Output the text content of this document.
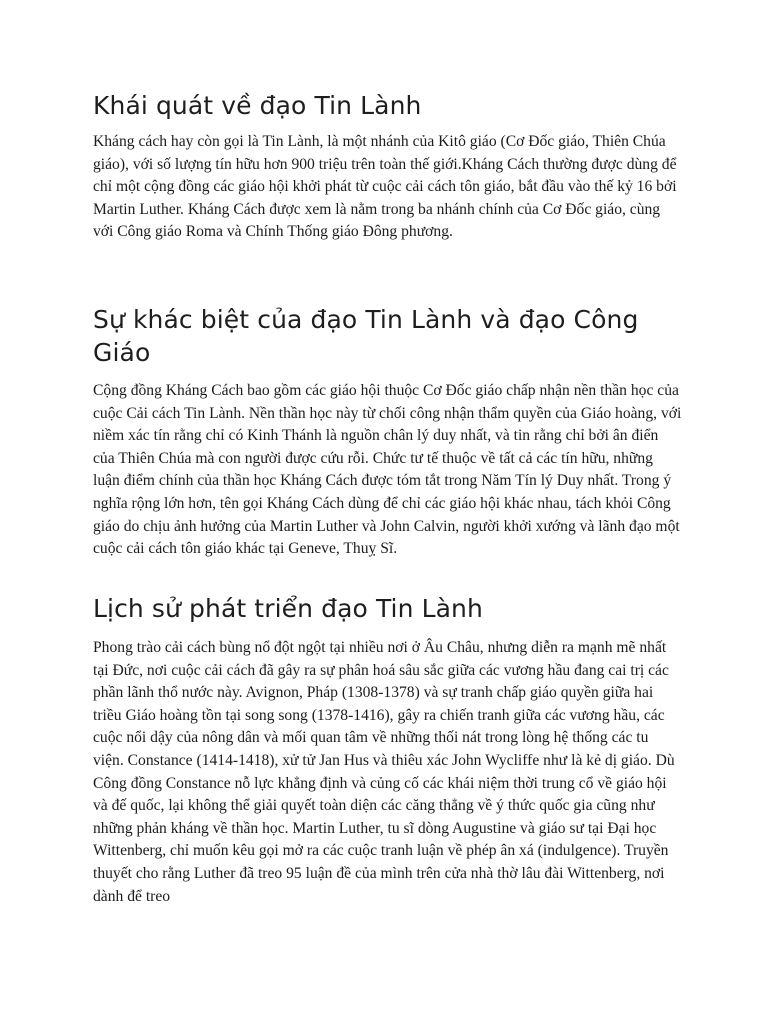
Khái quát về đạo Tin Lành

Kháng cách hay còn gọi là Tin Lành, là một nhánh của Kitô giáo (Cơ Đốc giáo, Thiên Chúa giáo), với số lượng tín hữu hơn 900 triệu trên toàn thế giới.Kháng Cách thường được dùng để chỉ một cộng đồng các giáo hội khởi phát từ cuộc cải cách tôn giáo, bắt đầu vào thế kỷ 16 bởi Martin Luther. Kháng Cách được xem là nằm trong ba nhánh chính của Cơ Đốc giáo, cùng với Công giáo Roma và Chính Thống giáo Đông phương.

Sự khác biệt của đạo Tin Lành và đạo Công Giáo

Cộng đồng Kháng Cách bao gồm các giáo hội thuộc Cơ Đốc giáo chấp nhận nền thần học của cuộc Cải cách Tin Lành. Nền thần học này từ chối công nhận thẩm quyền của Giáo hoàng, với niềm xác tín rằng chỉ có Kinh Thánh là nguồn chân lý duy nhất, và tin rằng chỉ bởi ân điển của Thiên Chúa mà con người được cứu rỗi. Chức tư tế thuộc về tất cả các tín hữu, những luận điểm chính của thần học Kháng Cách được tóm tắt trong Năm Tín lý Duy nhất. Trong ý nghĩa rộng lớn hơn, tên gọi Kháng Cách dùng để chỉ các giáo hội khác nhau, tách khỏi Công giáo do chịu ảnh hưởng của Martin Luther và John Calvin, người khởi xướng và lãnh đạo một cuộc cải cách tôn giáo khác tại Geneve, Thuỵ Sĩ.

Lịch sử phát triển đạo Tin Lành

Phong trào cải cách bùng nổ đột ngột tại nhiều nơi ở Âu Châu, nhưng diễn ra mạnh mẽ nhất tại Đức, nơi cuộc cải cách đã gây ra sự phân hoá sâu sắc giữa các vương hầu đang cai trị các phần lãnh thổ nước này. Avignon, Pháp (1308-1378) và sự tranh chấp giáo quyền giữa hai triều Giáo hoàng tồn tại song song (1378-1416), gây ra chiến tranh giữa các vương hầu, các cuộc nổi dậy của nông dân và mối quan tâm về những thối nát trong lòng hệ thống các tu viện. Constance (1414-1418), xử tử Jan Hus và thiêu xác John Wycliffe như là kẻ dị giáo. Dù Công đồng Constance nỗ lực khẳng định và củng cố các khái niệm thời trung cổ về giáo hội và đế quốc, lại không thể giải quyết toàn diện các căng thẳng về ý thức quốc gia cũng như những phản kháng về thần học. Martin Luther, tu sĩ dòng Augustine và giáo sư tại Đại học Wittenberg, chỉ muốn kêu gọi mở ra các cuộc tranh luận về phép ân xá (indulgence). Truyền thuyết cho rằng Luther đã treo 95 luận đề của mình trên cửa nhà thờ lâu đài Wittenberg, nơi dành để treo
